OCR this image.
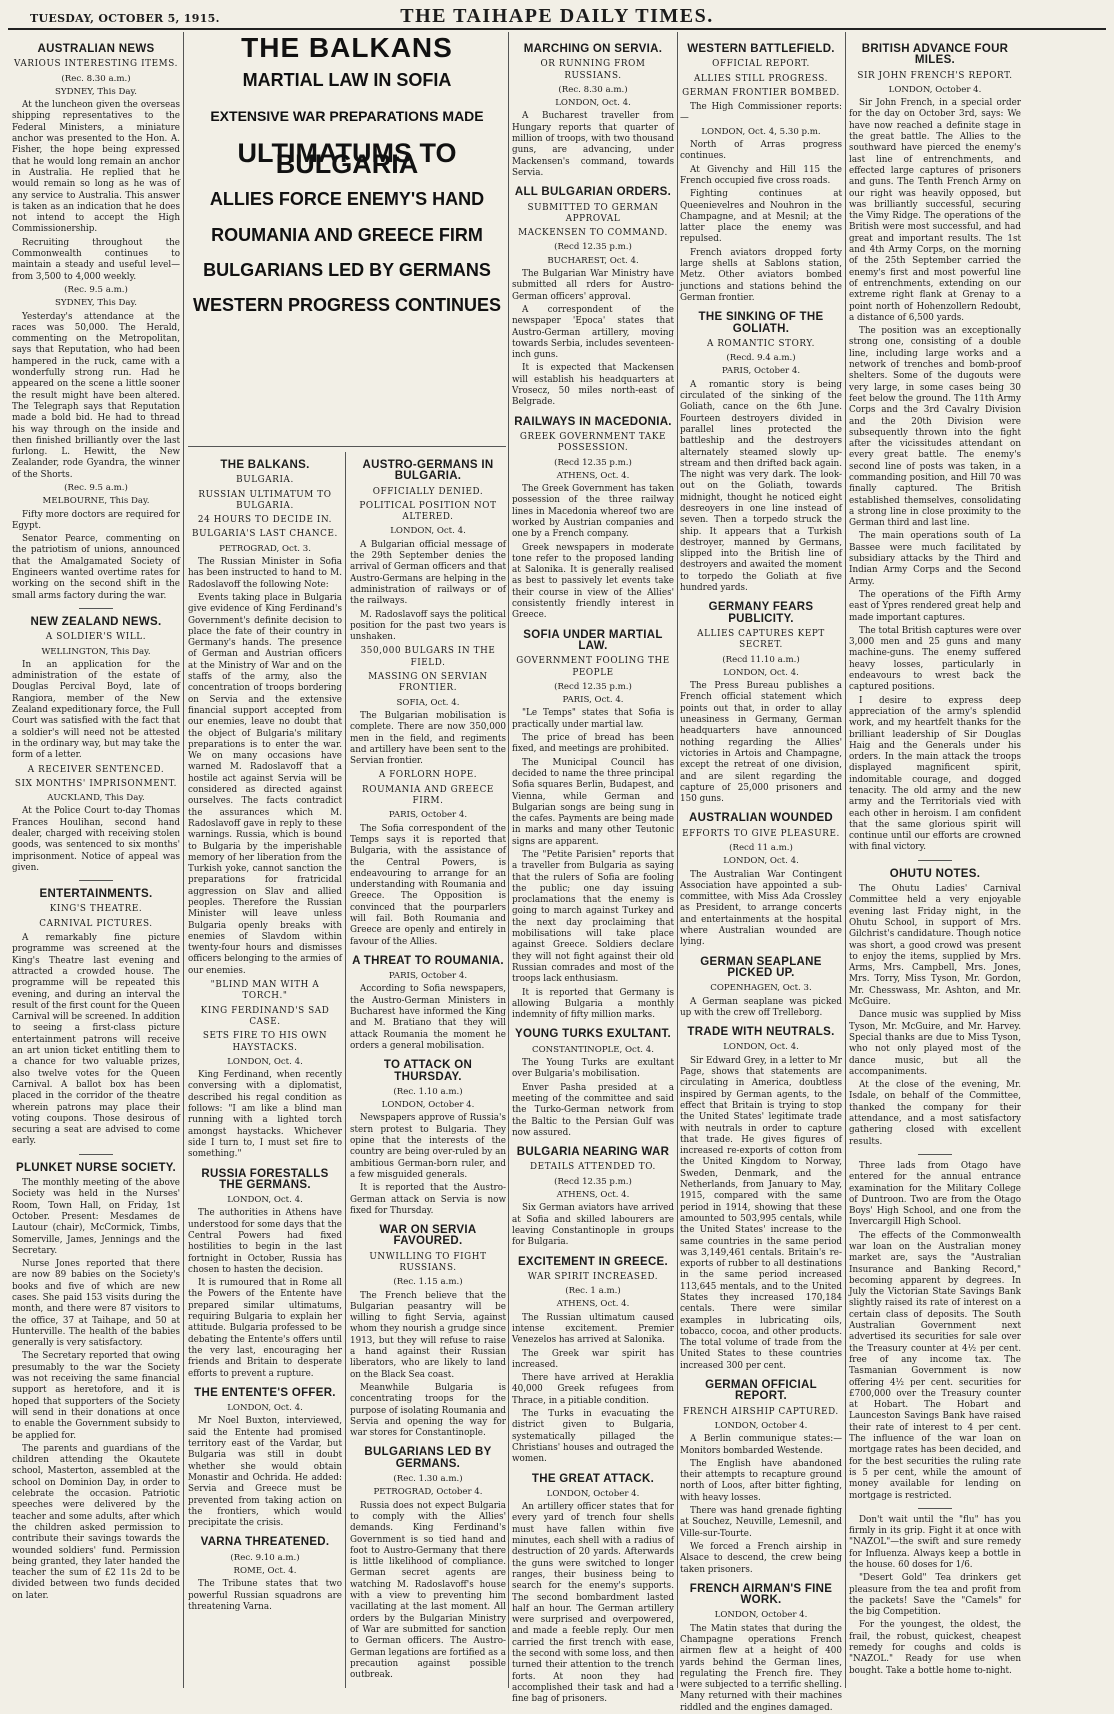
TUESDAY, OCTOBER 5, 1915.	THE TAIHAPE DAILY TIMES.
AUSTRALIAN NEWS
VARIOUS INTERESTING ITEMS.
(Rec. 8.30 a.m.)
SYDNEY, This Day.
At the luncheon given the overseas shipping representatives to the Federal Ministers, a miniature anchor was presented to the Hon. A. Fisher, the hope being expressed that he would long remain an anchor in Australia. He replied that he would remain so long as he was of any service to Australia. This answer is taken as an indication that he does not intend to accept the High Commissionership.
Recruiting throughout the Commonwealth continues to maintain a steady and useful level—from 3,500 to 4,000 weekly.
(Rec. 9.5 a.m.)
SYDNEY, This Day.
Yesterday's attendance at the races was 50,000. The Herald, commenting on the Metropolitan, says that Reputation, who had been hampered in the ruck, came with a wonderfully strong run. Had he appeared on the scene a little sooner the result might have been altered. The Telegraph says that Reputation made a bold bid. He had to thread his way through on the inside and then finished brilliantly over the last furlong. L. Hewitt, the New Zealander, rode Gyandra, the winner of the Shorts.
(Rec. 9.5 a.m.)
MELBOURNE, This Day.
Fifty more doctors are required for Egypt.
Senator Pearce, commenting on the patriotism of unions, announced that the Amalgamated Society of Engineers wanted overtime rates for working on the second shift in the small arms factory during the war.
NEW ZEALAND NEWS.
A SOLDIER'S WILL.
WELLINGTON, This Day.
In an application for the administration of the estate of Douglas Percival Boyd, late of Rangiora, member of the New Zealand expeditionary force, the Full Court was satisfied with the fact that a soldier's will need not be attested in the ordinary way, but may take the form of a letter.
A RECEIVER SENTENCED.
SIX MONTHS' IMPRISONMENT.
AUCKLAND, This Day.
At the Police Court to-day Thomas Frances Houlihan, second hand dealer, charged with receiving stolen goods, was sentenced to six months' imprisonment. Notice of appeal was given.
ENTERTAINMENTS.
KING'S THEATRE.
CARNIVAL PICTURES.
A remarkably fine picture programme was screened at the King's Theatre last evening and attracted a crowded house. The programme will be repeated this evening, and during an interval the result of the first count for the Queen Carnival will be screened. In addition to seeing a first-class picture entertainment patrons will receive an art union ticket entitling them to a chance for two valuable prizes, also twelve votes for the Queen Carnival. A ballot box has been placed in the corridor of the theatre wherein patrons may place their voting coupons. Those desirous of securing a seat are advised to come early.
PLUNKET NURSE SOCIETY.
The monthly meeting of the above Society was held in the Nurses' Room, Town Hall, on Friday, 1st October. Present: Mesdames de Lautour (chair), McCormick, Timbs, Somerville, James, Jennings and the Secretary.
Nurse Jones reported that there are now 89 babies on the Society's books and five of which are new cases. She paid 153 visits during the month, and there were 87 visitors to the office, 37 at Taihape, and 50 at Hunterville. The health of the babies generally is very satisfactory.
The Secretary reported that owing presumably to the war the Society was not receiving the same financial support as heretofore, and it is hoped that supporters of the Society will send in their donations at once to enable the Government subsidy to be applied for.
The parents and guardians of the children attending the Okautete school, Masterton, assembled at the school on Dominion Day, in order to celebrate the occasion. Patriotic speeches were delivered by the teacher and some adults, after which the children asked permission to contribute their savings towards the wounded soldiers' fund. Permission being granted, they later handed the teacher the sum of £2 11s 2d to be divided between two funds decided on later.
THE BALKANS
MARTIAL LAW IN SOFIA
EXTENSIVE WAR PREPARATIONS MADE
ULTIMATUMS TO BULGARIA
ALLIES FORCE ENEMY'S HAND
ROUMANIA AND GREECE FIRM
BULGARIANS LED BY GERMANS
WESTERN PROGRESS CONTINUES
THE BALKANS.
BULGARIA.
RUSSIAN ULTIMATUM TO BULGARIA.
24 HOURS TO DECIDE IN.
BULGARIA'S LAST CHANCE.
PETROGRAD, Oct. 3.
The Russian Minister in Sofia has been instructed to hand to M. Radoslavoff the following Note:
Events taking place in Bulgaria give evidence of King Ferdinand's Government's definite decision to place the fate of their country in Germany's hands. The presence of German and Austrian officers at the Ministry of War and on the staffs of the army, also the concentration of troops bordering on Servia and the extensive financial support accepted from our enemies, leave no doubt that the object of Bulgaria's military preparations is to enter the war. We on many occasions have warned M. Radoslavoff that a hostile act against Servia will be considered as directed against ourselves. The facts contradict the assurances which M. Radoslavoff gave in reply to these warnings. Russia, which is bound to Bulgaria by the imperishable memory of her liberation from the Turkish yoke, cannot sanction the preparations for fratricidal aggression on Slav and allied peoples. Therefore the Russian Minister will leave unless Bulgaria openly breaks with enemies of Slavdom within twenty-four hours and dismisses officers belonging to the armies of our enemies.
"BLIND MAN WITH A TORCH."
KING FERDINAND'S SAD CASE.
SETS FIRE TO HIS OWN HAYSTACKS.
LONDON, Oct. 4.
King Ferdinand, when recently conversing with a diplomatist, described his regal condition as follows: "I am like a blind man running with a lighted torch amongst haystacks. Whichever side I turn to, I must set fire to something."
RUSSIA FORESTALLS THE GERMANS.
LONDON, Oct. 4.
The authorities in Athens have understood for some days that the Central Powers had fixed hostilities to begin in the last fortnight in October, Russia has chosen to hasten the decision.
It is rumoured that in Rome all the Powers of the Entente have prepared similar ultimatums, requiring Bulgaria to explain her attitude. Bulgaria professed to be debating the Entente's offers until the very last, encouraging her friends and Britain to desperate efforts to prevent a rupture.
THE ENTENTE'S OFFER.
LONDON, Oct. 4.
Mr Noel Buxton, interviewed, said the Entente had promised territory east of the Vardar, but Bulgaria was still in doubt whether she would obtain Monastir and Ochrida. He added: Servia and Greece must be prevented from taking action on the frontiers, which would precipitate the crisis.
VARNA THREATENED.
(Rec. 9.10 a.m.)
ROME, Oct. 4.
The Tribune states that two powerful Russian squadrons are threatening Varna.
AUSTRO-GERMANS IN BULGARIA.
OFFICIALLY DENIED.
POLITICAL POSITION NOT ALTERED.
LONDON, Oct. 4.
A Bulgarian official message of the 29th September denies the arrival of German officers and that Austro-Germans are helping in the administration of railways or of the railways.
M. Radoslavoff says the political position for the past two years is unshaken.
350,000 BULGARS IN THE FIELD.
MASSING ON SERVIAN FRONTIER.
SOFIA, Oct. 4.
The Bulgarian mobilisation is complete. There are now 350,000 men in the field, and regiments and artillery have been sent to the Servian frontier.
A FORLORN HOPE.
ROUMANIA AND GREECE FIRM.
PARIS, October 4.
The Sofia correspondent of the Temps says it is reported that Bulgaria, with the assistance of the Central Powers, is endeavouring to arrange for an understanding with Roumania and Greece. The Opposition is convinced that the pourparlers will fail. Both Roumania and Greece are openly and entirely in favour of the Allies.
A THREAT TO ROUMANIA.
PARIS, October 4.
According to Sofia newspapers, the Austro-German Ministers in Bucharest have informed the King and M. Bratiano that they will attack Roumania the moment he orders a general mobilisation.
TO ATTACK ON THURSDAY.
(Rec. 1.10 a.m.)
LONDON, October 4.
Newspapers approve of Russia's stern protest to Bulgaria. They opine that the interests of the country are being over-ruled by an ambitious German-born ruler, and a few misguided generals.
It is reported that the Austro-German attack on Servia is now fixed for Thursday.
WAR ON SERVIA FAVOURED.
UNWILLING TO FIGHT RUSSIANS.
(Rec. 1.15 a.m.)
The French believe that the Bulgarian peasantry will be willing to fight Servia, against whom they nourish a grudge since 1913, but they will refuse to raise a hand against their Russian liberators, who are likely to land on the Black Sea coast.
Meanwhile Bulgaria is concentrating troops for the purpose of isolating Roumania and Servia and opening the way for war stores for Constantinople.
BULGARIANS LED BY GERMANS.
(Rec. 1.30 a.m.)
PETROGRAD, October 4.
Russia does not expect Bulgaria to comply with the Allies' demands. King Ferdinand's Government is so tied hand and foot to Austro-Germany that there is little likelihood of compliance. German secret agents are watching M. Radoslavoff's house with a view to preventing him vacillating at the last moment. All orders by the Bulgarian Ministry of War are submitted for sanction to German officers. The Austro-German legations are fortified as a precaution against possible outbreak.
MARCHING ON SERVIA.
OR RUNNING FROM RUSSIANS.
(Rec. 8.30 a.m.)
LONDON, Oct. 4.
A Bucharest traveller from Hungary reports that quarter of million of troops, with two thousand guns, are advancing, under Mackensen's command, towards Servia.
ALL BULGARIAN ORDERS.
SUBMITTED TO GERMAN APPROVAL
MACKENSEN TO COMMAND.
(Recd 12.35 p.m.)
BUCHAREST, Oct. 4.
The Bulgarian War Ministry have submitted all rders for Austro-German officers' approval.
A correspondent of the newspaper 'Epoca' states that Austro-German artillery, moving towards Serbia, includes seventeen-inch guns.
It is expected that Mackensen will establish his headquarters at Vrosecz, 50 miles north-east of Belgrade.
RAILWAYS IN MACEDONIA.
GREEK GOVERNMENT TAKE POSSESSION.
(Recd 12.35 p.m.)
ATHENS, Oct. 4.
The Greek Government has taken possession of the three railway lines in Macedonia whereof two are worked by Austrian companies and one by a French company.
Greek newspapers in moderate tone refer to the proposed landing at Salonika. It is generally realised as best to passively let events take their course in view of the Allies' consistently friendly interest in Greece.
SOFIA UNDER MARTIAL LAW.
GOVERNMENT FOOLING THE PEOPLE
(Recd 12.35 p.m.)
PARIS, Oct. 4.
"Le Temps" states that Sofia is practically under martial law.
The price of bread has been fixed, and meetings are prohibited.
The Municipal Council has decided to name the three principal Sofia squares Berlin, Budapest, and Vienna, while German and Bulgarian songs are being sung in the cafes. Payments are being made in marks and many other Teutonic signs are apparent.
The "Petite Parisien" reports that a traveller from Bulgaria as saying that the rulers of Sofia are fooling the public; one day issuing proclamations that the enemy is going to march against Turkey and the next day proclaiming that mobilisations will take place against Greece. Soldiers declare they will not fight against their old Russian comrades and most of the troops lack enthusiasm.
It is reported that Germany is allowing Bulgaria a monthly indemnity of fifty million marks.
YOUNG TURKS EXULTANT.
CONSTANTINOPLE, Oct. 4.
The Young Turks are exultant over Bulgaria's mobilisation.
Enver Pasha presided at a meeting of the committee and said the Turko-German network from the Baltic to the Persian Gulf was now assured.
BULGARIA NEARING WAR
DETAILS ATTENDED TO.
(Recd 12.35 p.m.)
ATHENS, Oct. 4.
Six German aviators have arrived at Sofia and skilled labourers are leaving Constantinople in groups for Bulgaria.
EXCITEMENT IN GREECE.
WAR SPIRIT INCREASED.
(Rec. 1 a.m.)
ATHENS, Oct. 4.
The Russian ultimatum caused intense excitement. Premier Venezelos has arrived at Salonika.
The Greek war spirit has increased.
There have arrived at Heraklia 40,000 Greek refugees from Thrace, in a pitiable condition.
The Turks in evacuating the district given to Bulgaria, systematically pillaged the Christians' houses and outraged the women.
THE GREAT ATTACK.
LONDON, October 4.
An artillery officer states that for every yard of trench four shells must have fallen within five minutes, each shell with a radius of destruction of 20 yards. Afterwards the guns were switched to longer ranges, their business being to search for the enemy's supports. The second bombardment lasted half an hour. The German artillery were surprised and overpowered, and made a feeble reply. Our men carried the first trench with ease, the second with some loss, and then turned their attention to the trench forts. At noon they had accomplished their task and had a fine bag of prisoners.
WESTERN BATTLEFIELD.
OFFICIAL REPORT.
ALLIES STILL PROGRESS.
GERMAN FRONTIER BOMBED.
The High Commissioner reports:—
LONDON, Oct. 4, 5.30 p.m.
North of Arras progress continues.
At Givenchy and Hill 115 the French occupied five cross roads.
Fighting continues at Queenievelres and Nouhron in the Champagne, and at Mesnil; at the latter place the enemy was repulsed.
French aviators dropped forty large shells at Sablons station, Metz. Other aviators bombed junctions and stations behind the German frontier.
THE SINKING OF THE GOLIATH.
A ROMANTIC STORY.
(Recd. 9.4 a.m.)
PARIS, October 4.
A romantic story is being circulated of the sinking of the Goliath, cance on the 6th June. Fourteen destroyers divided in parallel lines protected the battleship and the destroyers alternately steamed slowly up-stream and then drifted back again. The night was very dark. The look-out on the Goliath, towards midnight, thought he noticed eight desreoyers in one line instead of seven. Then a torpedo struck the ship. It appears that a Turkish destroyer, manned by Germans, slipped into the British line of destroyers and awaited the moment to torpedo the Goliath at five hundred yards.
GERMANY FEARS PUBLICITY.
ALLIES CAPTURES KEPT SECRET.
(Recd 11.10 a.m.)
LONDON, Oct. 4.
The Press Bureau publishes a French official statement which points out that, in order to allay uneasiness in Germany, German headquarters have announced nothing regarding the Allies' victories in Artois and Champagne, except the retreat of one division, and are silent regarding the capture of 25,000 prisoners and 150 guns.
AUSTRALIAN WOUNDED
EFFORTS TO GIVE PLEASURE.
(Recd 11 a.m.)
LONDON, Oct. 4.
The Australian War Contingent Association have appointed a sub-committee, with Miss Ada Crossley as President, to arrange concerts and entertainments at the hospital where Australian wounded are lying.
GERMAN SEAPLANE PICKED UP.
COPENHAGEN, Oct. 3.
A German seaplane was picked up with the crew off Trelleborg.
TRADE WITH NEUTRALS.
LONDON, Oct. 4.
Sir Edward Grey, in a letter to Mr Page, shows that statements are circulating in America, doubtless inspired by German agents, to the effect that Britain is trying to stop the United States' legitimate trade with neutrals in order to capture that trade. He gives figures of increased re-exports of cotton from the United Kingdom to Norway, Sweden, Denmark, and the Netherlands, from January to May, 1915, compared with the same period in 1914, showing that these amounted to 503,995 centals, while the United States' increase to the same countries in the same period was 3,149,461 centals. Britain's re-exports of rubber to all destinations in the same period increased 113,645 mentals, and to the United States they increased 170,184 centals. There were similar examples in lubricating oils, tobacco, cocoa, and other products. The total volume of trade from the United States to these countries increased 300 per cent.
GERMAN OFFICIAL REPORT.
FRENCH AIRSHIP CAPTURED.
LONDON, October 4.
A Berlin communique states:—Monitors bombarded Westende.
The English have abandoned their attempts to recapture ground north of Loos, after bitter fighting, with heavy losses.
There was hand grenade fighting at Souchez, Neuville, Lemesnil, and Ville-sur-Tourte.
We forced a French airship in Alsace to descend, the crew being taken prisoners.
FRENCH AIRMAN'S FINE WORK.
LONDON, October 4.
The Matin states that during the Champagne operations French airmen flew at a height of 400 yards behind the German lines, regulating the French fire. They were subjected to a terrific shelling. Many returned with their machines riddled and the engines damaged.
BRITISH ADVANCE FOUR MILES.
SIR JOHN FRENCH'S REPORT.
LONDON, October 4.
Sir John French, in a special order for the day on October 3rd, says: We have now reached a definite stage in the great battle. The Allies to the southward have pierced the enemy's last line of entrenchments, and effected large captures of prisoners and guns. The Tenth French Army on our right was heavily opposed, but was brilliantly successful, securing the Vimy Ridge. The operations of the British were most successful, and had great and important results. The 1st and 4th Army Corps, on the morning of the 25th September carried the enemy's first and most powerful line of entrenchments, extending on our extreme right flank at Grenay to a point north of Hohenzollern Redoubt, a distance of 6,500 yards.
The position was an exceptionally strong one, consisting of a double line, including large works and a network of trenches and bomb-proof shelters. Some of the dugouts were very large, in some cases being 30 feet below the ground. The 11th Army Corps and the 3rd Cavalry Division and the 20th Division were subsequently thrown into the fight after the vicissitudes attendant on every great battle. The enemy's second line of posts was taken, in a commanding position, and Hill 70 was finally captured. The British established themselves, consolidating a strong line in close proximity to the German third and last line.
The main operations south of La Bassee were much facilitated by subsidiary attacks by the Third and Indian Army Corps and the Second Army.
The operations of the Fifth Army east of Ypres rendered great help and made important captures.
The total British captures were over 3,000 men and 25 guns and many machine-guns. The enemy suffered heavy losses, particularly in endeavours to wrest back the captured positions.
I desire to express deep appreciation of the army's splendid work, and my heartfelt thanks for the brilliant leadership of Sir Douglas Haig and the Generals under his orders. In the main attack the troops displayed magnificent spirit, indomitable courage, and dogged tenacity. The old army and the new army and the Territorials vied with each other in heroism. I am confident that the same glorious spirit will continue until our efforts are crowned with final victory.
OHUTU NOTES.
The Ohutu Ladies' Carnival Committee held a very enjoyable evening last Friday night, in the Ohutu School, in support of Mrs. Gilchrist's candidature. Though notice was short, a good crowd was present to enjoy the items, supplied by Mrs. Arms, Mrs. Campbell, Mrs. Jones, Mrs. Torry, Miss Tyson, Mr. Gordon, Mr. Chesswass, Mr. Ashton, and Mr. McGuire.
Dance music was supplied by Miss Tyson, Mr. McGuire, and Mr. Harvey. Special thanks are due to Miss Tyson, who not only played most of the dance music, but all the accompaniments.
At the close of the evening, Mr. Isdale, on behalf of the Committee, thanked the company for their attendance, and a most satisfactory gathering closed with excellent results.
Three lads from Otago have entered for the annual entrance examination for the Military College of Duntroon. Two are from the Otago Boys' High School, and one from the Invercargill High School.
The effects of the Commonwealth war loan on the Australian money market are, says the "Australian Insurance and Banking Record," becoming apparent by degrees. In July the Victorian State Savings Bank slightly raised its rate of interest on a certain class of deposits. The South Australian Government next advertised its securities for sale over the Treasury counter at 4½ per cent. free of any income tax. The Tasmanian Government is now offering 4½ per cent. securities for £700,000 over the Treasury counter at Hobart. The Hobart and Launceston Savings Bank have raised their rate of interest to 4 per cent. The influence of the war loan on mortgage rates has been decided, and for the best securities the ruling rate is 5 per cent, while the amount of money available for lending on mortgage is restricted.
Don't wait until the "flu" has you firmly in its grip. Fight it at once with "NAZOL"—the swift and sure remedy for Influenza. Always keep a bottle in the house. 60 doses for 1/6.
"Desert Gold" Tea drinkers get pleasure from the tea and profit from the packets! Save the "Camels" for the big Competition.
For the youngest, the oldest, the frail, the robust, quickest, cheapest remedy for coughs and colds is "NAZOL." Ready for use when bought. Take a bottle home to-night.
